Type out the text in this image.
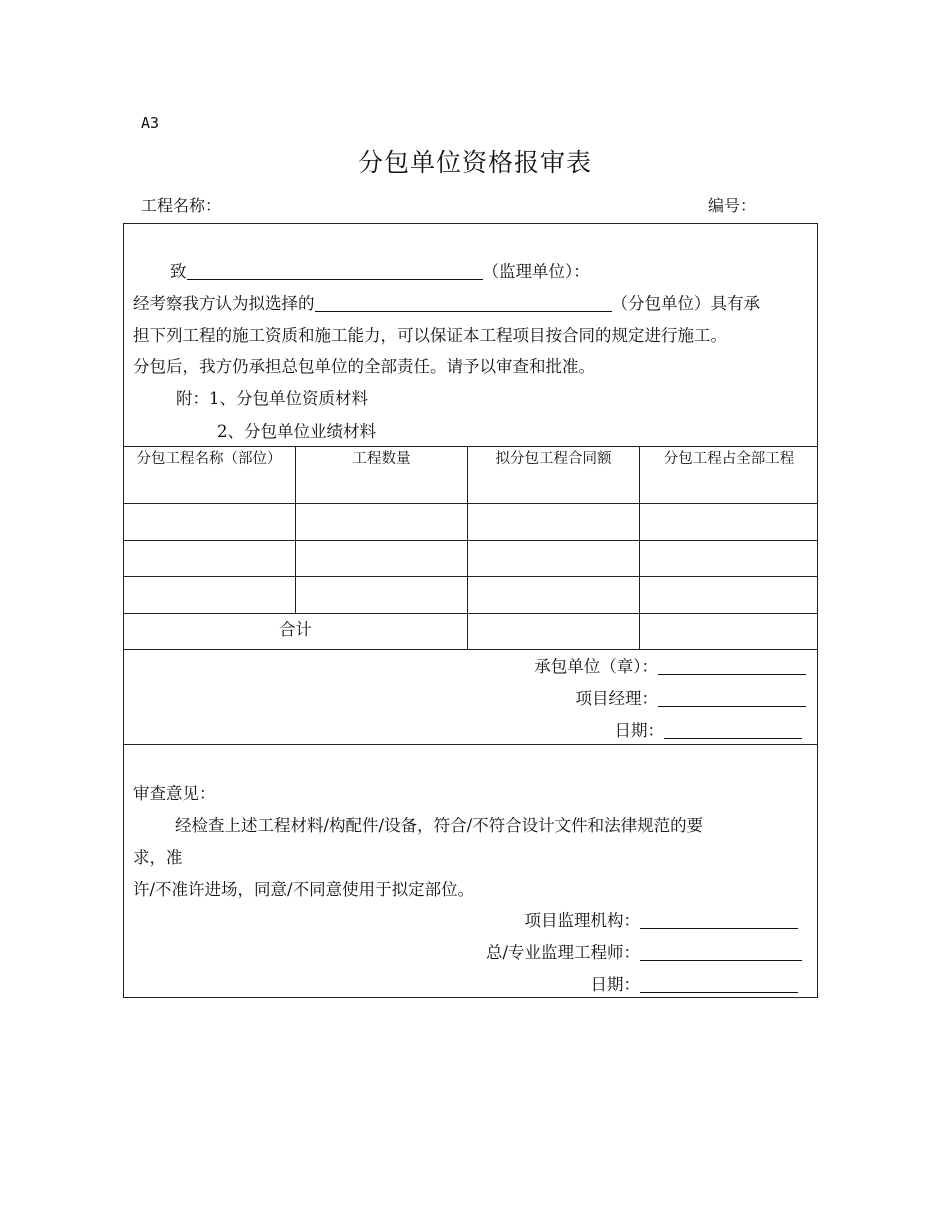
A3
分包单位资格报审表
工程名称：	编号：
致	（监理单位）：
经考察我方认为拟选择的	（分包单位）具有承
担下列工程的施工资质和施工能力，可以保证本工程项目按合同的规定进行施工。
分包后，我方仍承担总包单位的全部责任。请予以审查和批准。
附：1、分包单位资质材料
2、分包单位业绩材料
分包工程名称（部位）	工程数量	拟分包工程合同额	分包工程占全部工程
合计
承包单位（章）：
项目经理：
日期：
审查意见：
经检查上述工程材料/构配件/设备，符合/不符合设计文件和法律规范的要
求，准
许/不准许进场，同意/不同意使用于拟定部位。
项目监理机构：
总/专业监理工程师：
日期：
